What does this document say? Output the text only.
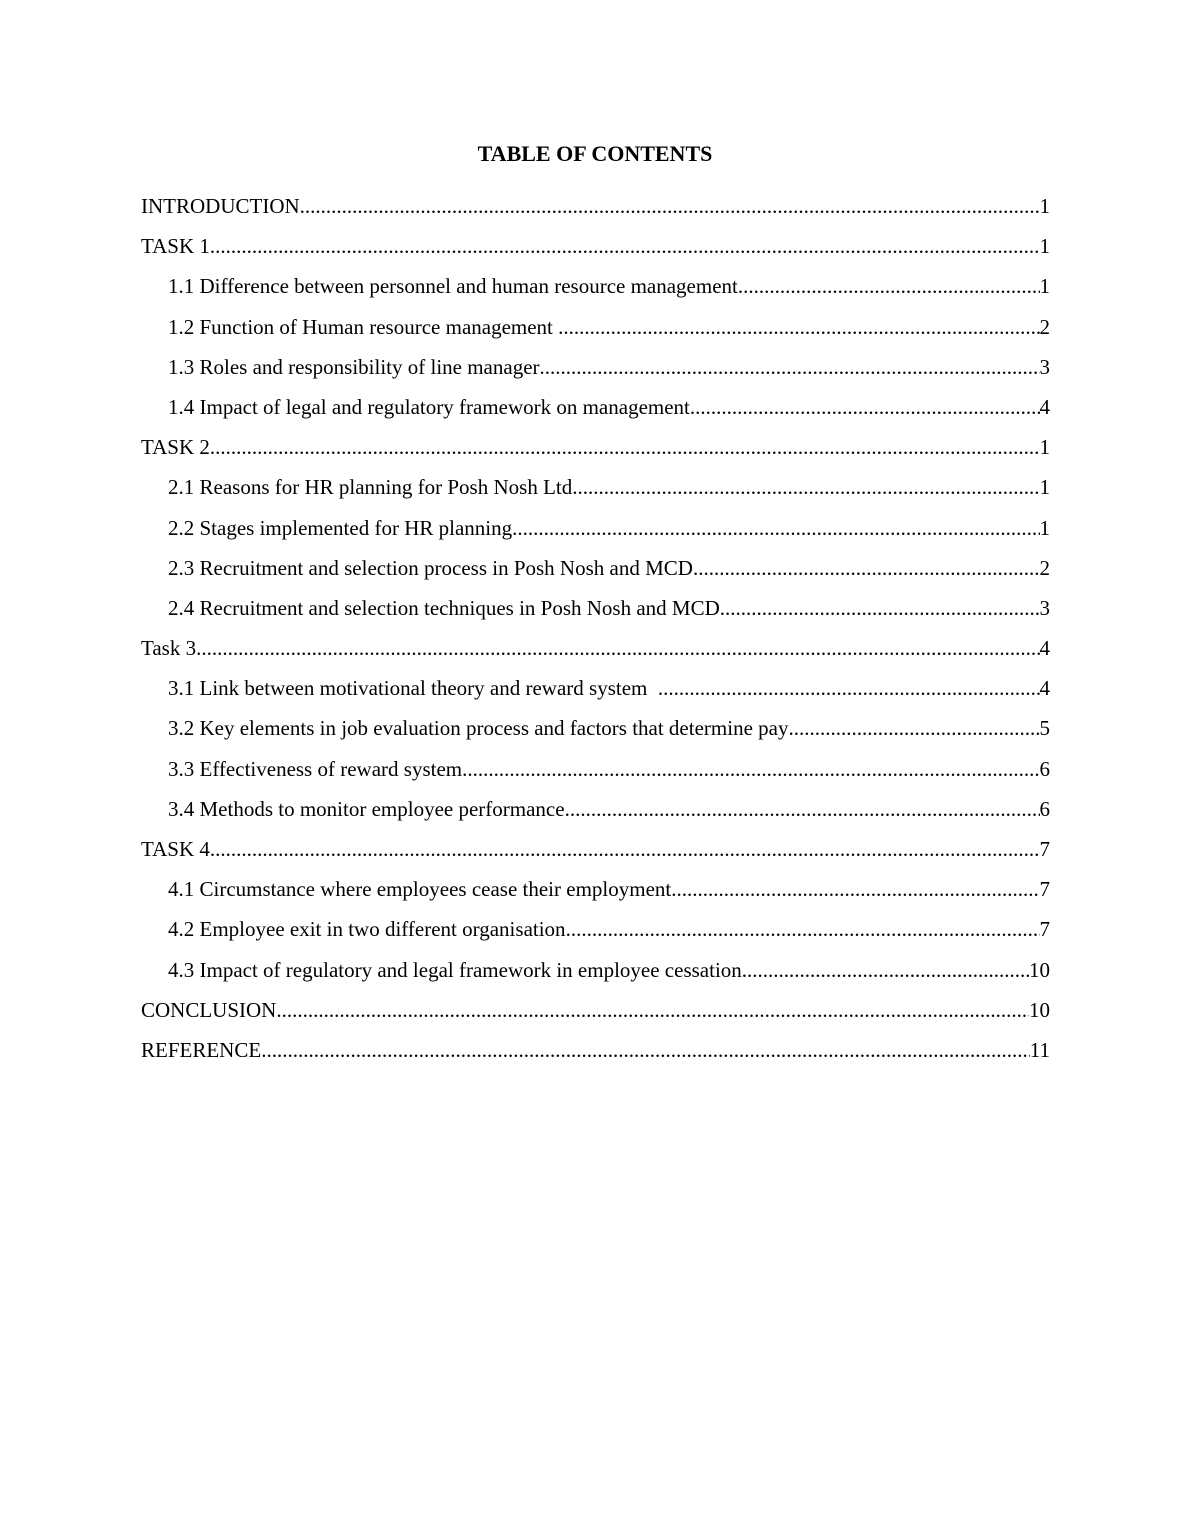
TABLE OF CONTENTS
INTRODUCTION .....	1
TASK 1 .....	1
1.1 Difference between personnel and human resource management .....	1
1.2 Function of Human resource management .....	2
1.3 Roles and responsibility of line manager .....	3
1.4 Impact of legal and regulatory framework on management .....	4
TASK 2 .....	1
2.1 Reasons for HR planning for Posh Nosh Ltd .....	1
2.2 Stages implemented for HR planning .....	1
2.3 Recruitment and selection process in Posh Nosh and MCD .....	2
2.4 Recruitment and selection techniques in Posh Nosh and MCD .....	3
Task 3 .....	4
3.1 Link between motivational theory and reward system .....	4
3.2 Key elements in job evaluation process and factors that determine pay .....	5
3.3 Effectiveness of reward system .....	6
3.4 Methods to monitor employee performance .....	6
TASK 4 .....	7
4.1 Circumstance where employees cease their employment .....	7
4.2 Employee exit in two different organisation .....	7
4.3 Impact of regulatory and legal framework in employee cessation .....	10
CONCLUSION .....	10
REFERENCE .....	11
